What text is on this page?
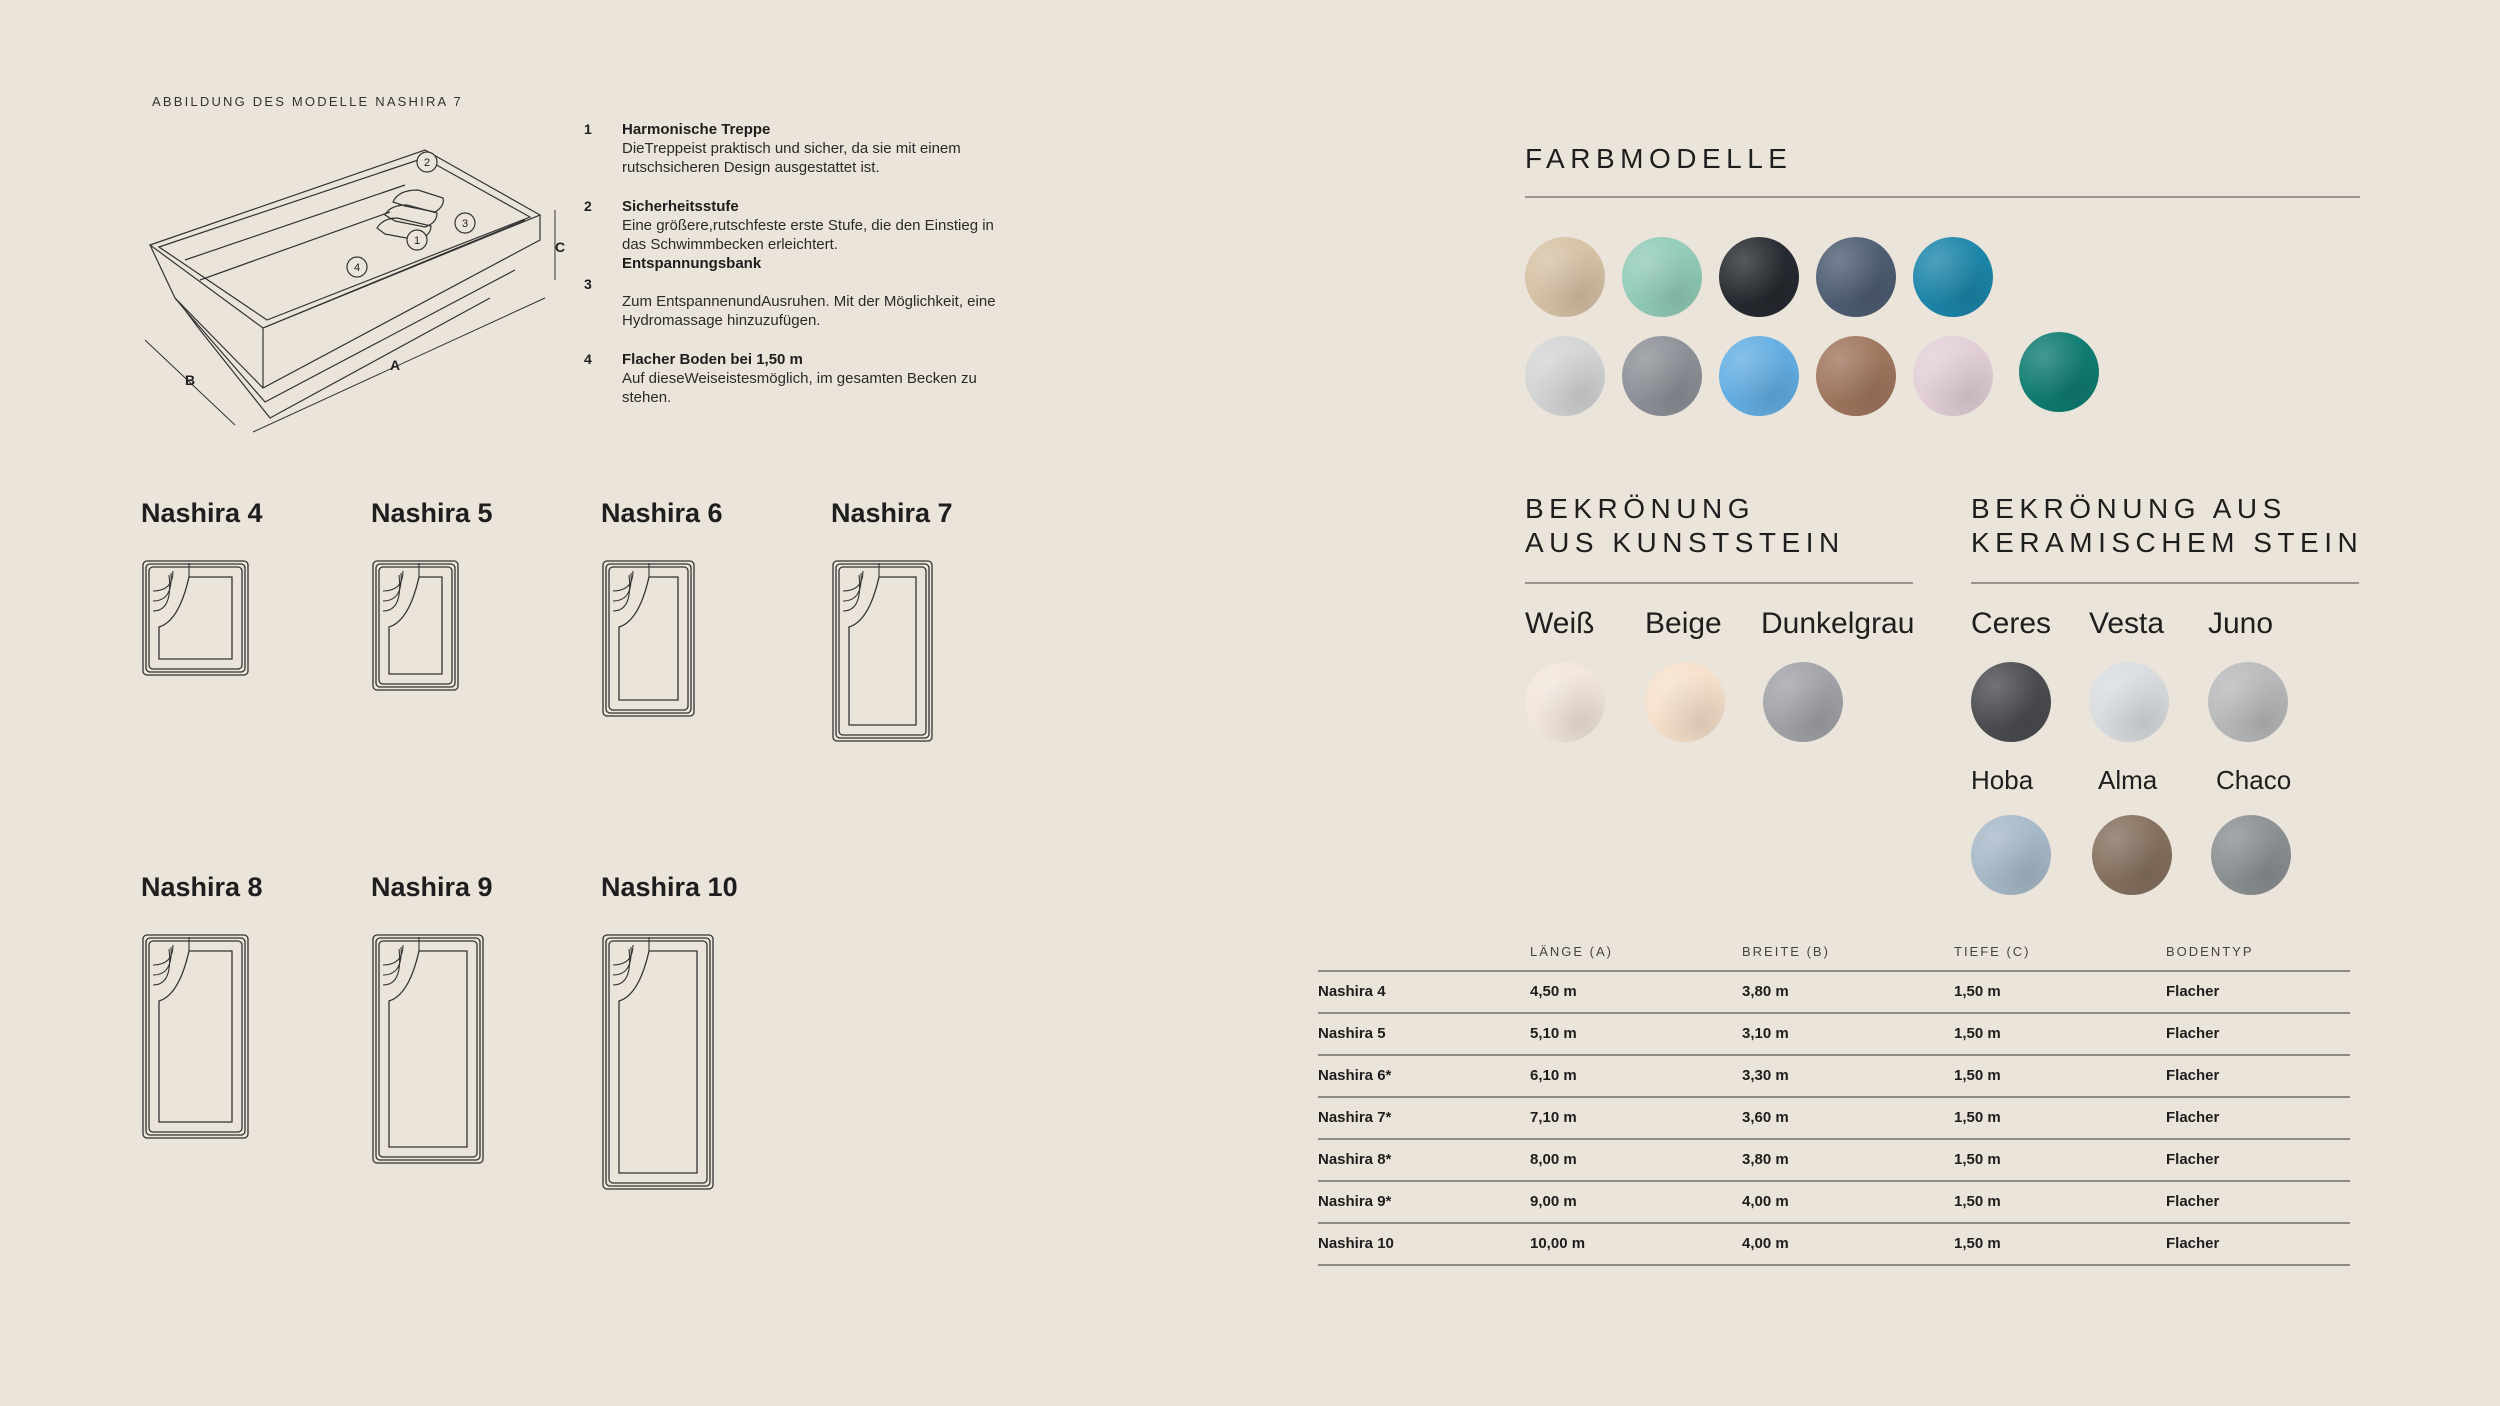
ABBILDUNG DES MODELLE NASHIRA 7
2
1
3
4
B
A
C
1 Harmonische Treppe
DieTreppeist praktisch und sicher, da sie mit einem rutschsicheren Design ausgestattet ist.
2 Sicherheitsstufe
Eine größere,rutschfeste erste Stufe, die den Einstieg in das Schwimmbecken erleichtert.
3
Entspannungsbank
Zum EntspannenundAusruhen. Mit der Möglichkeit, eine Hydromassage hinzuzufügen.
4 Flacher Boden bei 1,50 m
Auf dieseWeiseistesmöglich, im gesamten Becken zu stehen.
Nashira 4	Nashira 5	Nashira 6	Nashira 7
Nashira 8	Nashira 9	Nashira 10
FARBMODELLE
BEKRÖNUNG
AUS KUNSTSTEIN
Weiß Beige Dunkelgrau
BEKRÖNUNG AUS
KERAMISCHEM STEIN
Ceres Vesta Juno
Hoba Alma Chaco
LÄNGE (A)	BREITE (B)	TIEFE (C)	BODENTYP
Nashira 4	4,50 m	3,80 m	1,50 m	Flacher
Nashira 5	5,10 m	3,10 m	1,50 m	Flacher
Nashira 6*	6,10 m	3,30 m	1,50 m	Flacher
Nashira 7*	7,10 m	3,60 m	1,50 m	Flacher
Nashira 8*	8,00 m	3,80 m	1,50 m	Flacher
Nashira 9*	9,00 m	4,00 m	1,50 m	Flacher
Nashira 10	10,00 m	4,00 m	1,50 m	Flacher
